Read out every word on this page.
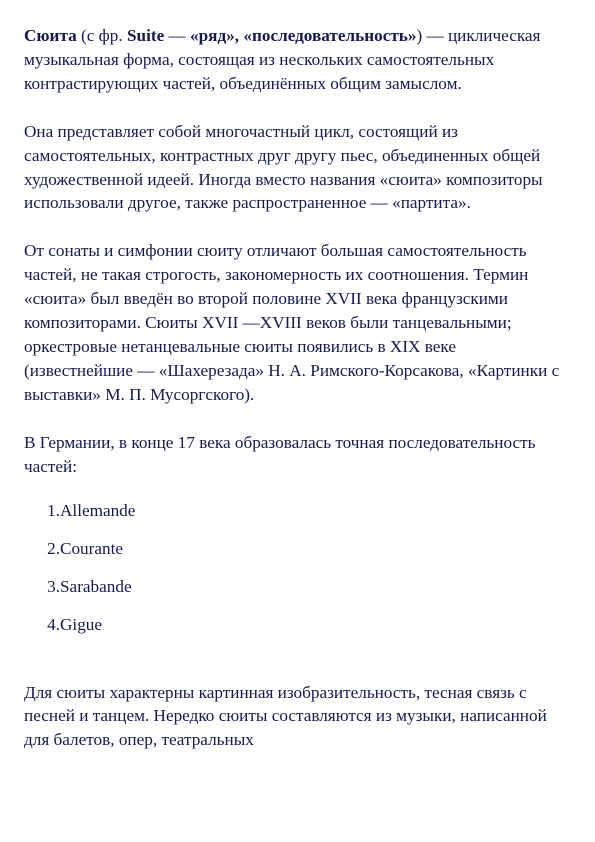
Сюита (с фр. Suite — «ряд», «последовательность») — циклическая музыкальная форма, состоящая из нескольких самостоятельных контрастирующих частей, объединённых общим замыслом.

Она представляет собой многочастный цикл, состоящий из самостоятельных, контрастных друг другу пьес, объединенных общей художественной идеей. Иногда вместо названия «сюита» композиторы использовали другое, также распространенное — «партита».

От сонаты и симфонии сюиту отличают большая самостоятельность частей, не такая строгость, закономерность их соотношения. Термин «сюита» был введён во второй половине XVII века французскими композиторами. Сюиты XVII —XVIII веков были танцевальными; оркестровые нетанцевальные сюиты появились в XIX веке (известнейшие — «Шахерезада» Н. А. Римского-Корсакова, «Картинки с выставки» М. П. Мусоргского).

В Германии, в конце 17 века образовалась точная последовательность частей:

1. Allemande
2. Courante
3. Sarabande
4. Gigue

Для сюиты характерны картинная изобразительность, тесная связь с песней и танцем. Нередко сюиты составляются из музыки, написанной для балетов, опер, театральных
